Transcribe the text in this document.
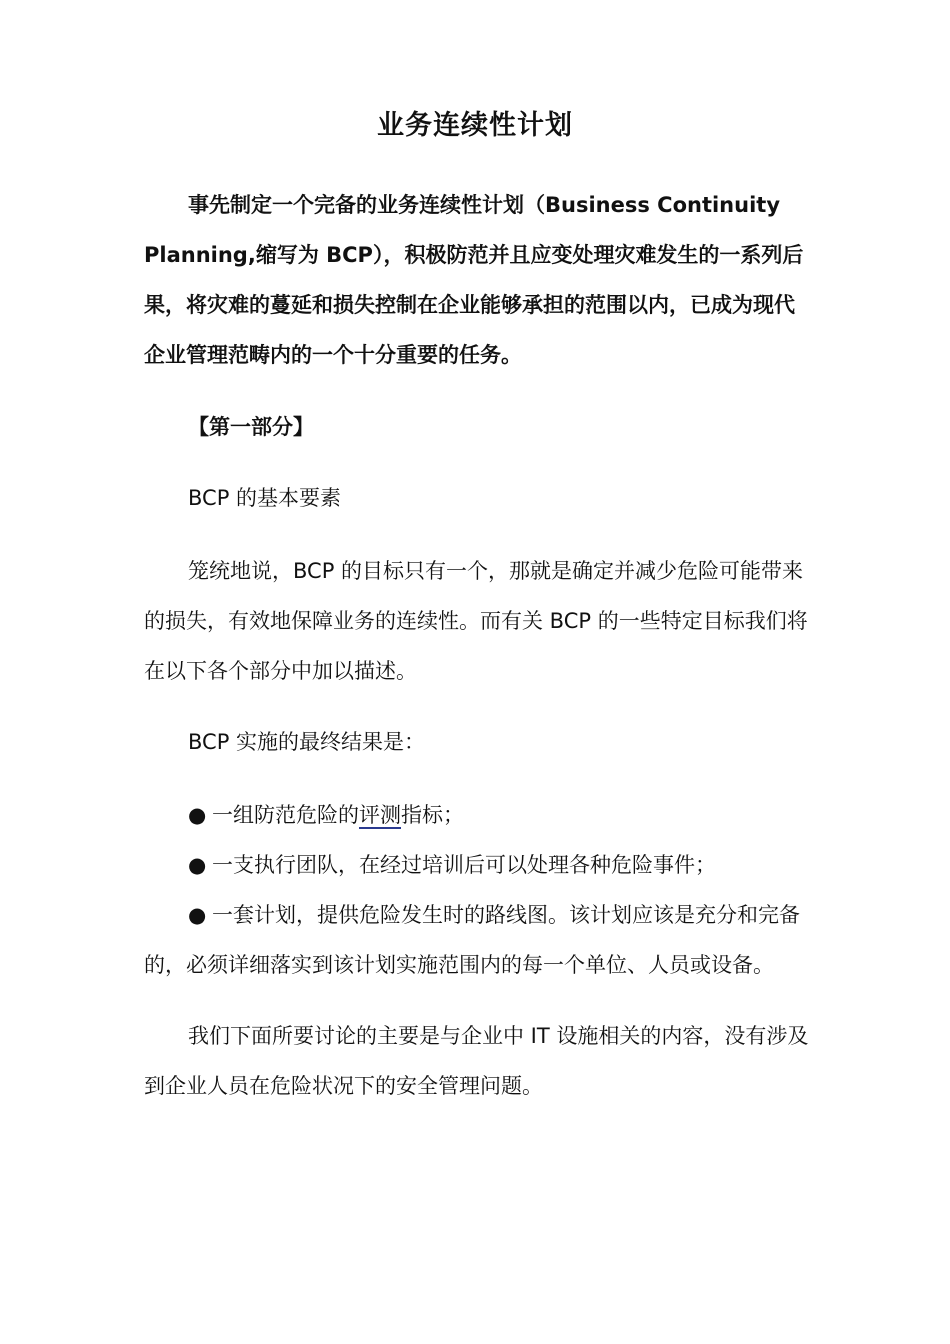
业务连续性计划

事先制定一个完备的业务连续性计划（Business Continuity Planning,缩写为 BCP），积极防范并且应变处理灾难发生的一系列后果，将灾难的蔓延和损失控制在企业能够承担的范围以内，已成为现代企业管理范畴内的一个十分重要的任务。

【第一部分】

BCP 的基本要素

笼统地说，BCP 的目标只有一个，那就是确定并减少危险可能带来的损失，有效地保障业务的连续性。而有关 BCP 的一些特定目标我们将在以下各个部分中加以描述。

BCP 实施的最终结果是：

● 一组防范危险的评测指标；
● 一支执行团队，在经过培训后可以处理各种危险事件；
● 一套计划，提供危险发生时的路线图。该计划应该是充分和完备的，必须详细落实到该计划实施范围内的每一个单位、人员或设备。

我们下面所要讨论的主要是与企业中 IT 设施相关的内容，没有涉及到企业人员在危险状况下的安全管理问题。
